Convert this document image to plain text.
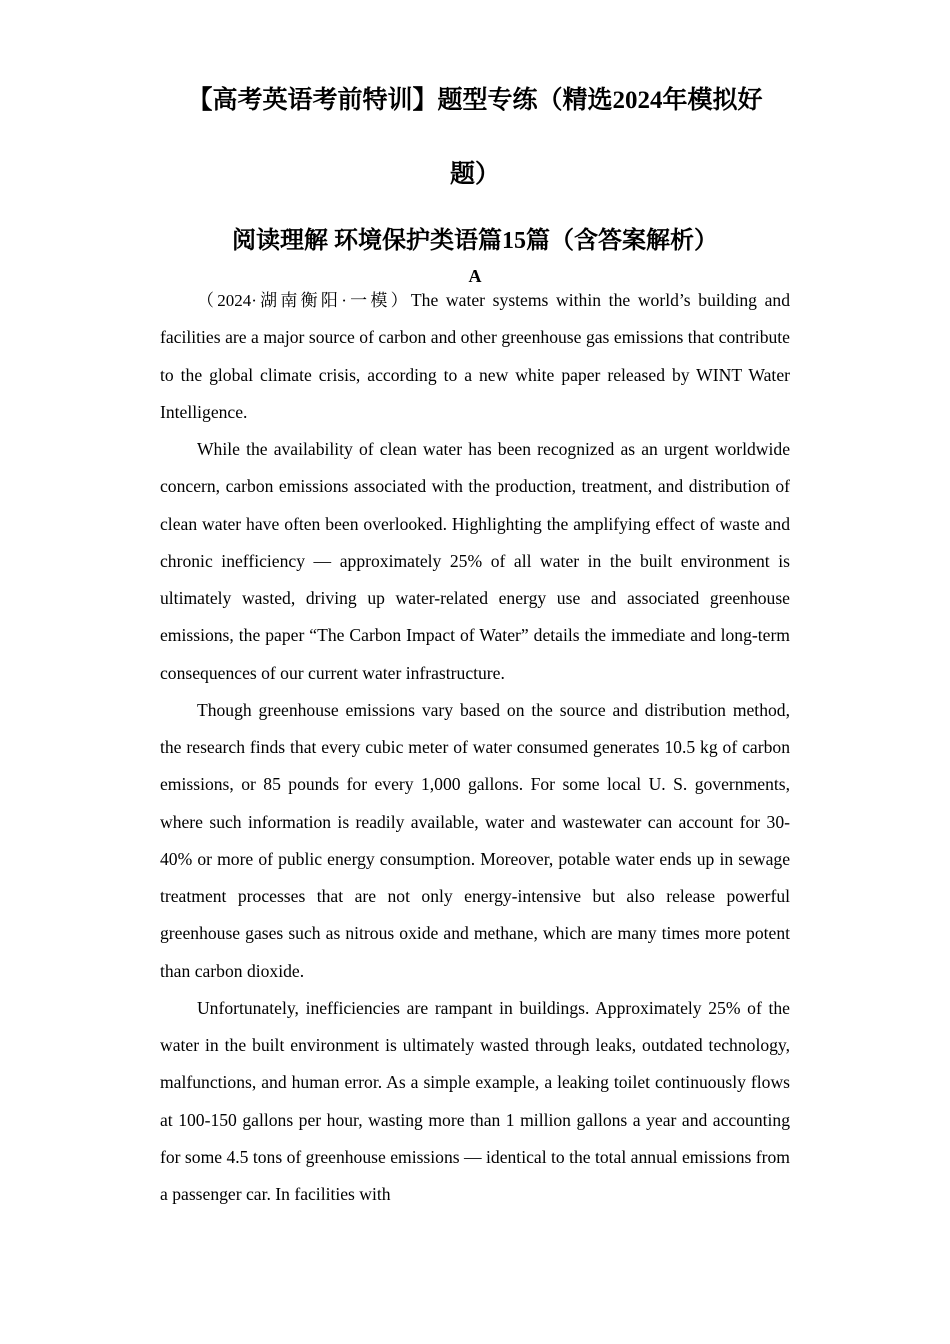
【高考英语考前特训】题型专练（精选2024年模拟好
题）
阅读理解 环境保护类语篇15篇（含答案解析）
A

（2024·湖南衡阳·一模）The water systems within the world’s building and facilities are a major source of carbon and other greenhouse gas emissions that contribute to the global climate crisis, according to a new white paper released by WINT Water Intelligence.

While the availability of clean water has been recognized as an urgent worldwide concern, carbon emissions associated with the production, treatment, and distribution of clean water have often been overlooked. Highlighting the amplifying effect of waste and chronic inefficiency — approximately 25% of all water in the built environment is ultimately wasted, driving up water-related energy use and associated greenhouse emissions, the paper “The Carbon Impact of Water” details the immediate and long-term consequences of our current water infrastructure.

Though greenhouse emissions vary based on the source and distribution method, the research finds that every cubic meter of water consumed generates 10.5 kg of carbon emissions, or 85 pounds for every 1,000 gallons. For some local U. S. governments, where such information is readily available, water and wastewater can account for 30-40% or more of public energy consumption. Moreover, potable water ends up in sewage treatment processes that are not only energy-intensive but also release powerful greenhouse gases such as nitrous oxide and methane, which are many times more potent than carbon dioxide.

Unfortunately, inefficiencies are rampant in buildings. Approximately 25% of the water in the built environment is ultimately wasted through leaks, outdated technology, malfunctions, and human error. As a simple example, a leaking toilet continuously flows at 100-150 gallons per hour, wasting more than 1 million gallons a year and accounting for some 4.5 tons of greenhouse emissions — identical to the total annual emissions from a passenger car. In facilities with
